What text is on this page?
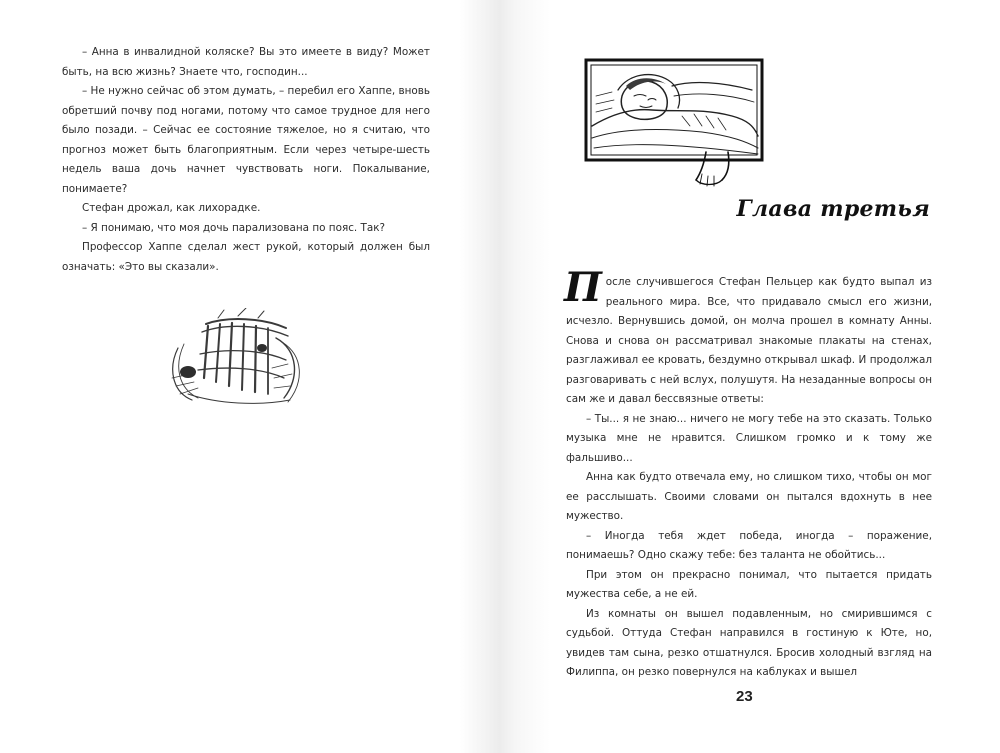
– Анна в инвалидной коляске? Вы это имеете в виду? Может быть, на всю жизнь? Знаете что, господин...

– Не нужно сейчас об этом думать, – перебил его Хаппе, вновь обретший почву под ногами, потому что самое трудное для него было позади. – Сейчас ее состояние тяжелое, но я считаю, что прогноз может быть благоприятным. Если через четыре-шесть недель ваша дочь начнет чувствовать ноги. Покалывание, понимаете?

Стефан дрожал, как лихорадке.

– Я понимаю, что моя дочь парализована по пояс. Так?

Профессор Хаппе сделал жест рукой, который должен был означать: «Это вы сказали».

Глава третья

После случившегося Стефан Пельцер как будто выпал из реального мира. Все, что придавало смысл его жизни, исчезло. Вернувшись домой, он молча прошел в комнату Анны. Снова и снова он рассматривал знакомые плакаты на стенах, разглаживал ее кровать, бездумно открывал шкаф. И продолжал разговаривать с ней вслух, полушутя. На незаданные вопросы он сам же и давал бессвязные ответы:

– Ты... я не знаю... ничего не могу тебе на это сказать. Только музыка мне не нравится. Слишком громко и к тому же фальшиво...

Анна как будто отвечала ему, но слишком тихо, чтобы он мог ее расслышать. Своими словами он пытался вдохнуть в нее мужество.

– Иногда тебя ждет победа, иногда – поражение, понимаешь? Одно скажу тебе: без таланта не обойтись...

При этом он прекрасно понимал, что пытается придать мужества себе, а не ей.

Из комнаты он вышел подавленным, но смирившимся с судьбой. Оттуда Стефан направился в гостиную к Юте, но, увидев там сына, резко отшатнулся. Бросив холодный взгляд на Филиппа, он резко повернулся на каблуках и вышел

23
